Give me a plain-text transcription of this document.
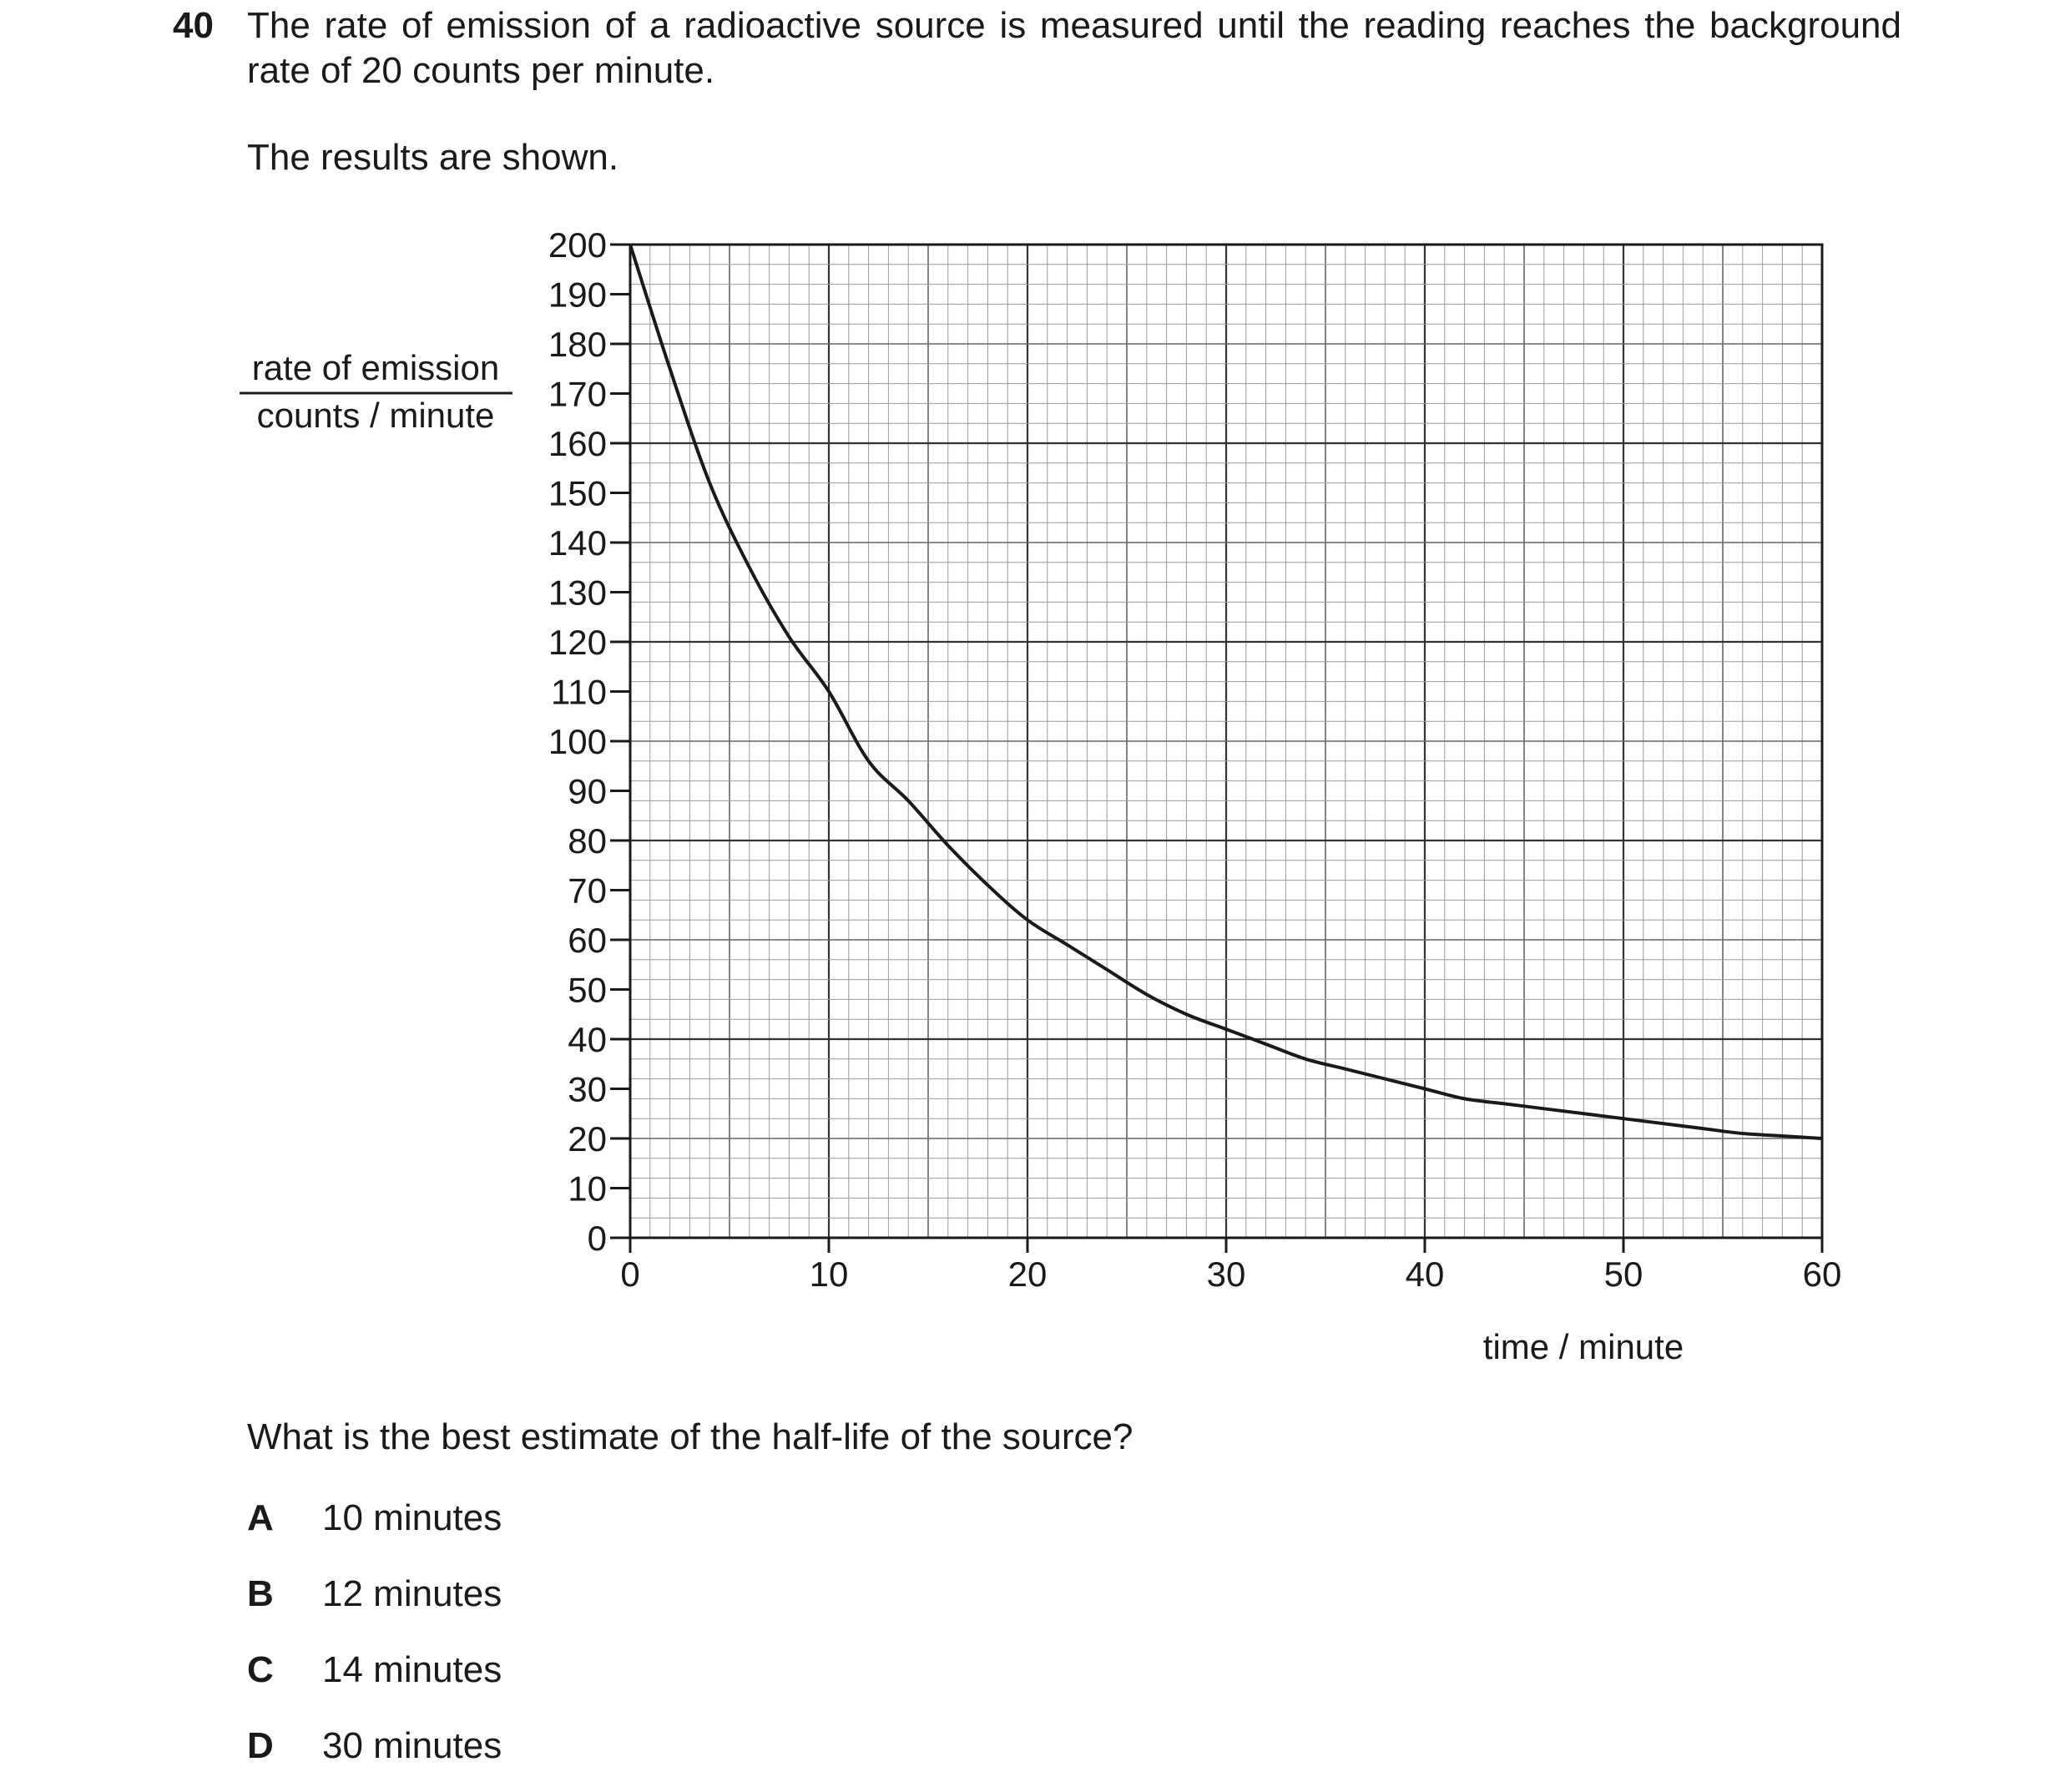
40 The rate of emission of a radioactive source is measured until the reading reaches the background rate of 20 counts per minute.

The results are shown.

0
10
20
30
40
50
60
70
80
90
100
110
120
130
140
150
160
170
180
190
200
0	10	20	30	40	50	60
rate of emission
counts / minute
time / minute

What is the best estimate of the half-life of the source?

A 10 minutes
B 12 minutes
C 14 minutes
D 30 minutes
